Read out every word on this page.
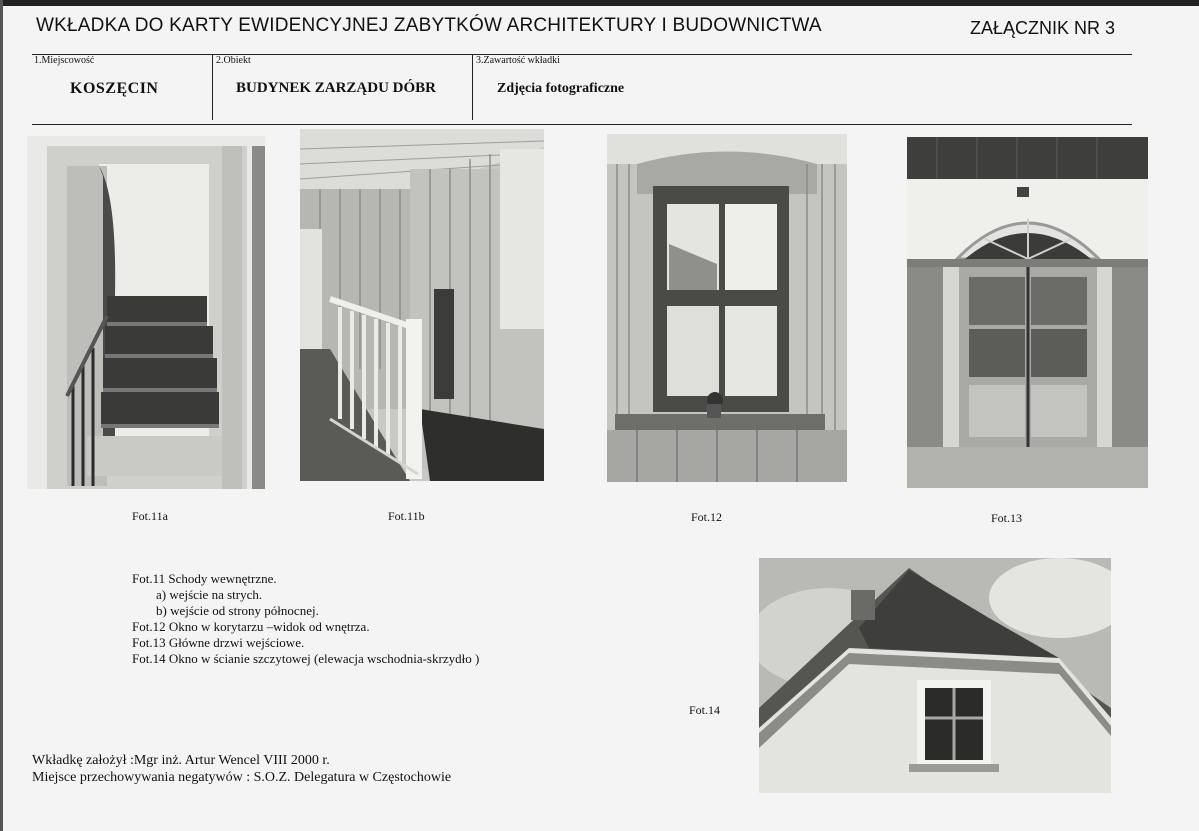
WKŁADKA DO KARTY EWIDENCYJNEJ ZABYTKÓW ARCHITEKTURY I BUDOWNICTWA	ZAŁĄCZNIK NR 3
1.Miejscowość
KOSZĘCIN
2.Obiekt
BUDYNEK ZARZĄDU DÓBR
3.Zawartość wkładki
Zdjęcia fotograficzne
Fot.11a	Fot.11b	Fot.12	Fot.13
Fot.14
Fot.11 Schody wewnętrzne.
a) wejście na strych.
b) wejście od strony północnej.
Fot.12 Okno w korytarzu –widok od wnętrza.
Fot.13 Główne drzwi wejściowe.
Fot.14 Okno w ścianie szczytowej (elewacja wschodnia-skrzydło )
Wkładkę założył :Mgr inż. Artur Wencel VIII 2000 r.
Miejsce przechowywania negatywów : S.O.Z. Delegatura w Częstochowie
